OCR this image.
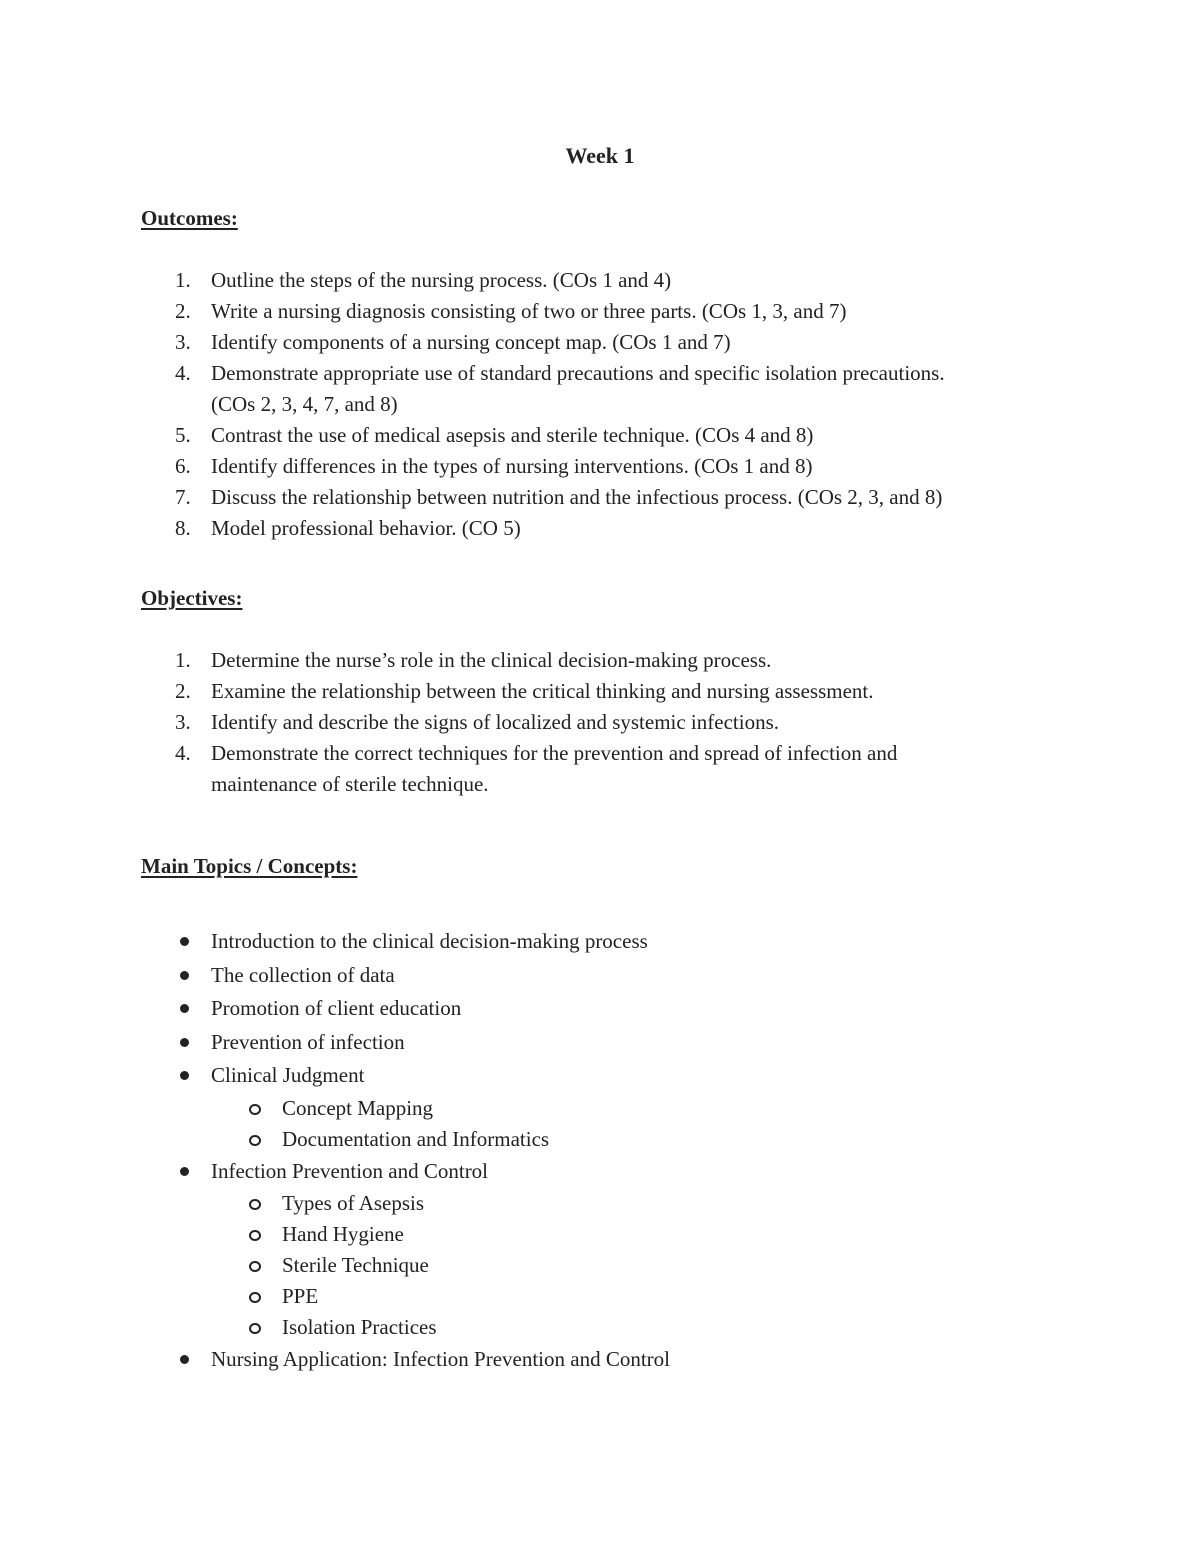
Week 1
Outcomes:
1. Outline the steps of the nursing process. (COs 1 and 4)
2. Write a nursing diagnosis consisting of two or three parts. (COs 1, 3, and 7)
3. Identify components of a nursing concept map. (COs 1 and 7)
4. Demonstrate appropriate use of standard precautions and specific isolation precautions.
(COs 2, 3, 4, 7, and 8)
5. Contrast the use of medical asepsis and sterile technique. (COs 4 and 8)
6. Identify differences in the types of nursing interventions. (COs 1 and 8)
7. Discuss the relationship between nutrition and the infectious process. (COs 2, 3, and 8)
8. Model professional behavior. (CO 5)
Objectives:
1. Determine the nurse’s role in the clinical decision-making process.
2. Examine the relationship between the critical thinking and nursing assessment.
3. Identify and describe the signs of localized and systemic infections.
4. Demonstrate the correct techniques for the prevention and spread of infection and
maintenance of sterile technique.
Main Topics / Concepts:
Introduction to the clinical decision-making process
The collection of data
Promotion of client education
Prevention of infection
Clinical Judgment
Concept Mapping
Documentation and Informatics
Infection Prevention and Control
Types of Asepsis
Hand Hygiene
Sterile Technique
PPE
Isolation Practices
Nursing Application: Infection Prevention and Control
